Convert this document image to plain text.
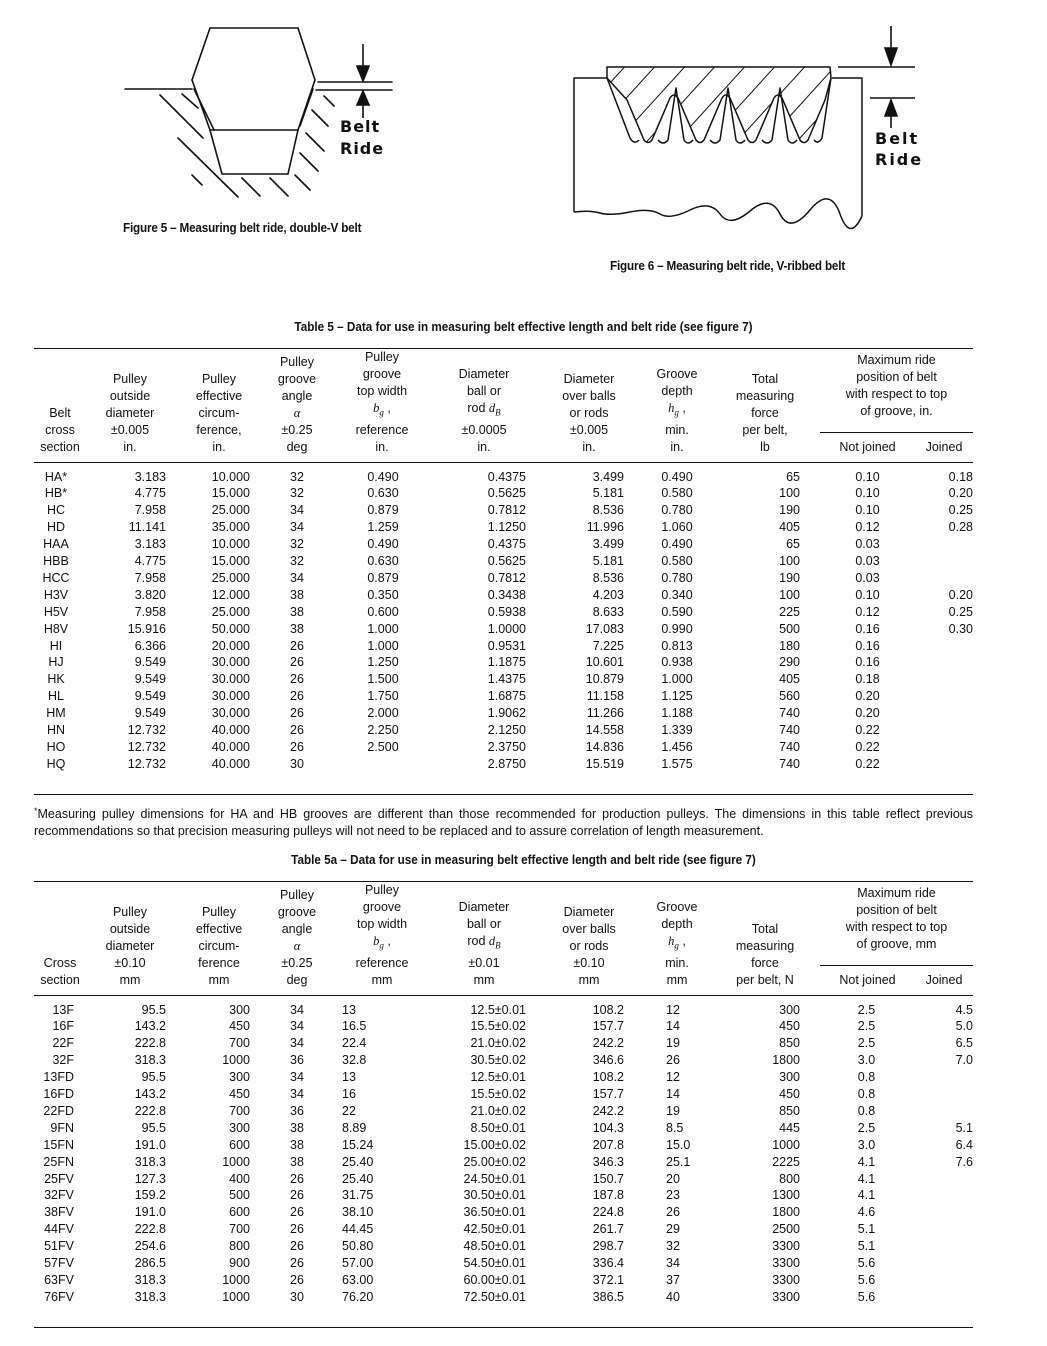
Belt
Ride
Figure 5 – Measuring belt ride, double-V belt
Belt
Ride
Figure 6 – Measuring belt ride, V-ribbed belt
Table 5 – Data for use in measuring belt effective length and belt ride (see figure 7)
Belt
cross
section

Pulley
outside
diameter
±0.005
in.

Pulley
effective
circum-
ference,
in.

Pulley
groove
angle
α
±0.25
deg

Pulley
groove
top width
$b_g$ ,
reference
in.

Diameter
ball or
rod $d_B$
±0.0005
in.

Diameter
over balls
or rods
±0.005
in.

Groove
depth
$h_g$ ,
min.
in.

Total
measuring
force
per belt,
lb

Maximum ride
position of belt
with respect to top
of groove, in.

									Not joined	Joined
HA*	3.183	10.000	32	0.490	0.4375	3.499	0.490	65	0.10	0.18
HB*	4.775	15.000	32	0.630	0.5625	5.181	0.580	100	0.10	0.20
HC	7.958	25.000	34	0.879	0.7812	8.536	0.780	190	0.10	0.25
HD	11.141	35.000	34	1.259	1.1250	11.996	1.060	405	0.12	0.28
HAA	3.183	10.000	32	0.490	0.4375	3.499	0.490	65	0.03	
HBB	4.775	15.000	32	0.630	0.5625	5.181	0.580	100	0.03	
HCC	7.958	25.000	34	0.879	0.7812	8.536	0.780	190	0.03	
H3V	3.820	12.000	38	0.350	0.3438	4.203	0.340	100	0.10	0.20
H5V	7.958	25.000	38	0.600	0.5938	8.633	0.590	225	0.12	0.25
H8V	15.916	50.000	38	1.000	1.0000	17.083	0.990	500	0.16	0.30
HI	6.366	20.000	26	1.000	0.9531	7.225	0.813	180	0.16	
HJ	9.549	30.000	26	1.250	1.1875	10.601	0.938	290	0.16	
HK	9.549	30.000	26	1.500	1.4375	10.879	1.000	405	0.18	
HL	9.549	30.000	26	1.750	1.6875	11.158	1.125	560	0.20	
HM	9.549	30.000	26	2.000	1.9062	11.266	1.188	740	0.20	
HN	12.732	40.000	26	2.250	2.1250	14.558	1.339	740	0.22	
HO	12.732	40.000	26	2.500	2.3750	14.836	1.456	740	0.22	
HQ	12.732	40.000	30		2.8750	15.519	1.575	740	0.22	
*Measuring pulley dimensions for HA and HB grooves are different than those recommended for production pulleys. The dimensions in this table reflect previous recommendations so that precision measuring pulleys will not need to be replaced and to assure correlation of length measurement.
Table 5a – Data for use in measuring belt effective length and belt ride (see figure 7)
Cross
section

Pulley
outside
diameter
±0.10
mm

Pulley
effective
circum-
ference
mm

Pulley
groove
angle
α
±0.25
deg

Pulley
groove
top width
$b_g$ ,
reference
mm

Diameter
ball or
rod $d_B$
±0.01
mm

Diameter
over balls
or rods
±0.10
mm

Groove
depth
$h_g$ ,
min.
mm

Total
measuring
force
per belt, N

Maximum ride
position of belt
with respect to top
of groove, mm

									Not joined	Joined
13F	95.5	300	34	13	12.5±0.01	108.2	12	300	2.5	4.5
16F	143.2	450	34	16.5	15.5±0.02	157.7	14	450	2.5	5.0
22F	222.8	700	34	22.4	21.0±0.02	242.2	19	850	2.5	6.5
32F	318.3	1000	36	32.8	30.5±0.02	346.6	26	1800	3.0	7.0
13FD	95.5	300	34	13	12.5±0.01	108.2	12	300	0.8	
16FD	143.2	450	34	16	15.5±0.02	157.7	14	450	0.8	
22FD	222.8	700	36	22	21.0±0.02	242.2	19	850	0.8	
9FN	95.5	300	38	8.89	8.50±0.01	104.3	8.5	445	2.5	5.1
15FN	191.0	600	38	15.24	15.00±0.02	207.8	15.0	1000	3.0	6.4
25FN	318.3	1000	38	25.40	25.00±0.02	346.3	25.1	2225	4.1	7.6
25FV	127.3	400	26	25.40	24.50±0.01	150.7	20	800	4.1	
32FV	159.2	500	26	31.75	30.50±0.01	187.8	23	1300	4.1	
38FV	191.0	600	26	38.10	36.50±0.01	224.8	26	1800	4.6	
44FV	222.8	700	26	44.45	42.50±0.01	261.7	29	2500	5.1	
51FV	254.6	800	26	50.80	48.50±0.01	298.7	32	3300	5.1	
57FV	286.5	900	26	57.00	54.50±0.01	336.4	34	3300	5.6	
63FV	318.3	1000	26	63.00	60.00±0.01	372.1	37	3300	5.6	
76FV	318.3	1000	30	76.20	72.50±0.01	386.5	40	3300	5.6	
